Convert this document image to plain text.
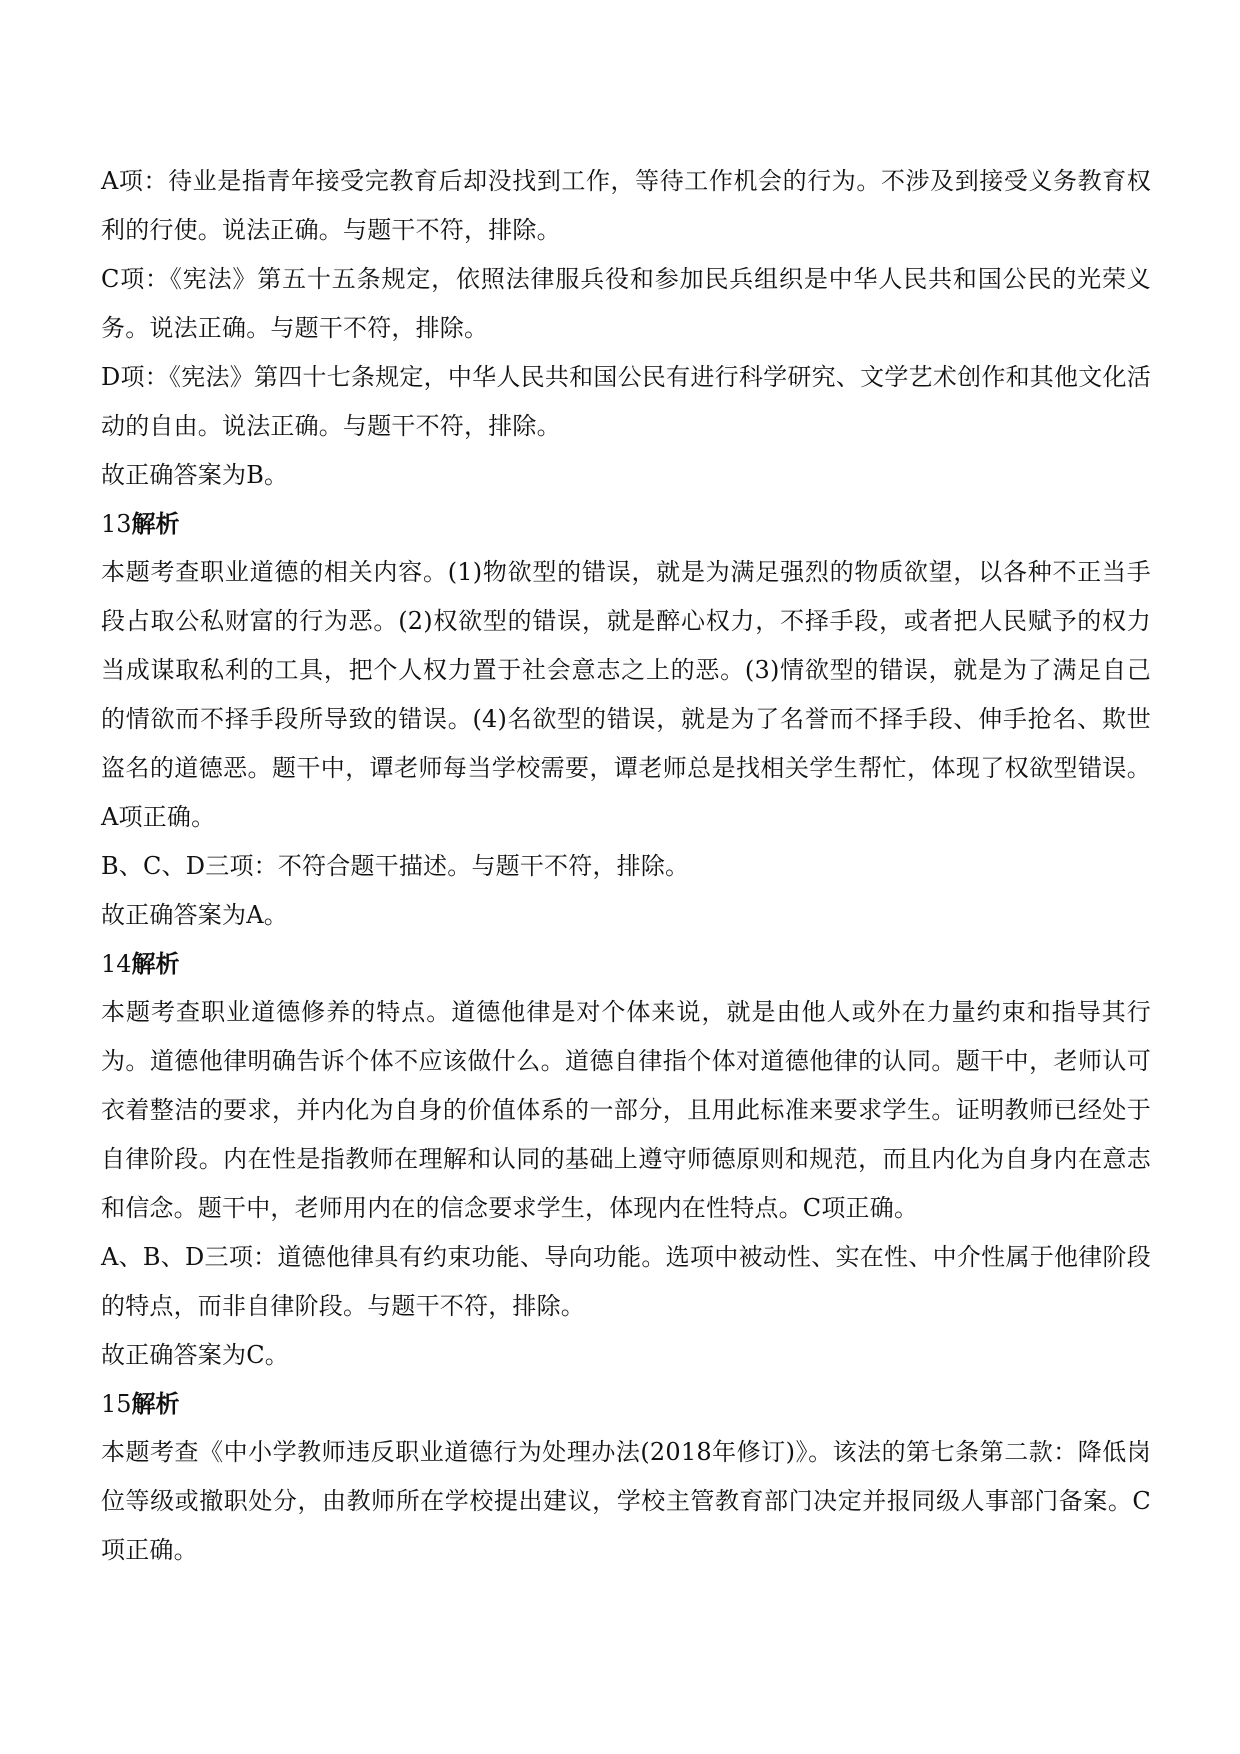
A项：待业是指青年接受完教育后却没找到工作，等待工作机会的行为。不涉及到接受义务教育权利的行使。说法正确。与题干不符，排除。

C项：《宪法》第五十五条规定，依照法律服兵役和参加民兵组织是中华人民共和国公民的光荣义务。说法正确。与题干不符，排除。

D项：《宪法》第四十七条规定，中华人民共和国公民有进行科学研究、文学艺术创作和其他文化活动的自由。说法正确。与题干不符，排除。

故正确答案为B。

13解析

本题考查职业道德的相关内容。(1)物欲型的错误，就是为满足强烈的物质欲望，以各种不正当手段占取公私财富的行为恶。(2)权欲型的错误，就是醉心权力，不择手段，或者把人民赋予的权力当成谋取私利的工具，把个人权力置于社会意志之上的恶。(3)情欲型的错误，就是为了满足自己的情欲而不择手段所导致的错误。(4)名欲型的错误，就是为了名誉而不择手段、伸手抢名、欺世盗名的道德恶。题干中，谭老师每当学校需要，谭老师总是找相关学生帮忙，体现了权欲型错误。A项正确。

B、C、D三项：不符合题干描述。与题干不符，排除。

故正确答案为A。

14解析

本题考查职业道德修养的特点。道德他律是对个体来说，就是由他人或外在力量约束和指导其行为。道德他律明确告诉个体不应该做什么。道德自律指个体对道德他律的认同。题干中，老师认可衣着整洁的要求，并内化为自身的价值体系的一部分，且用此标准来要求学生。证明教师已经处于自律阶段。内在性是指教师在理解和认同的基础上遵守师德原则和规范，而且内化为自身内在意志和信念。题干中，老师用内在的信念要求学生，体现内在性特点。C项正确。

A、B、D三项：道德他律具有约束功能、导向功能。选项中被动性、实在性、中介性属于他律阶段的特点，而非自律阶段。与题干不符，排除。

故正确答案为C。

15解析

本题考查《中小学教师违反职业道德行为处理办法(2018年修订)》。该法的第七条第二款：降低岗位等级或撤职处分，由教师所在学校提出建议，学校主管教育部门决定并报同级人事部门备案。C项正确。
